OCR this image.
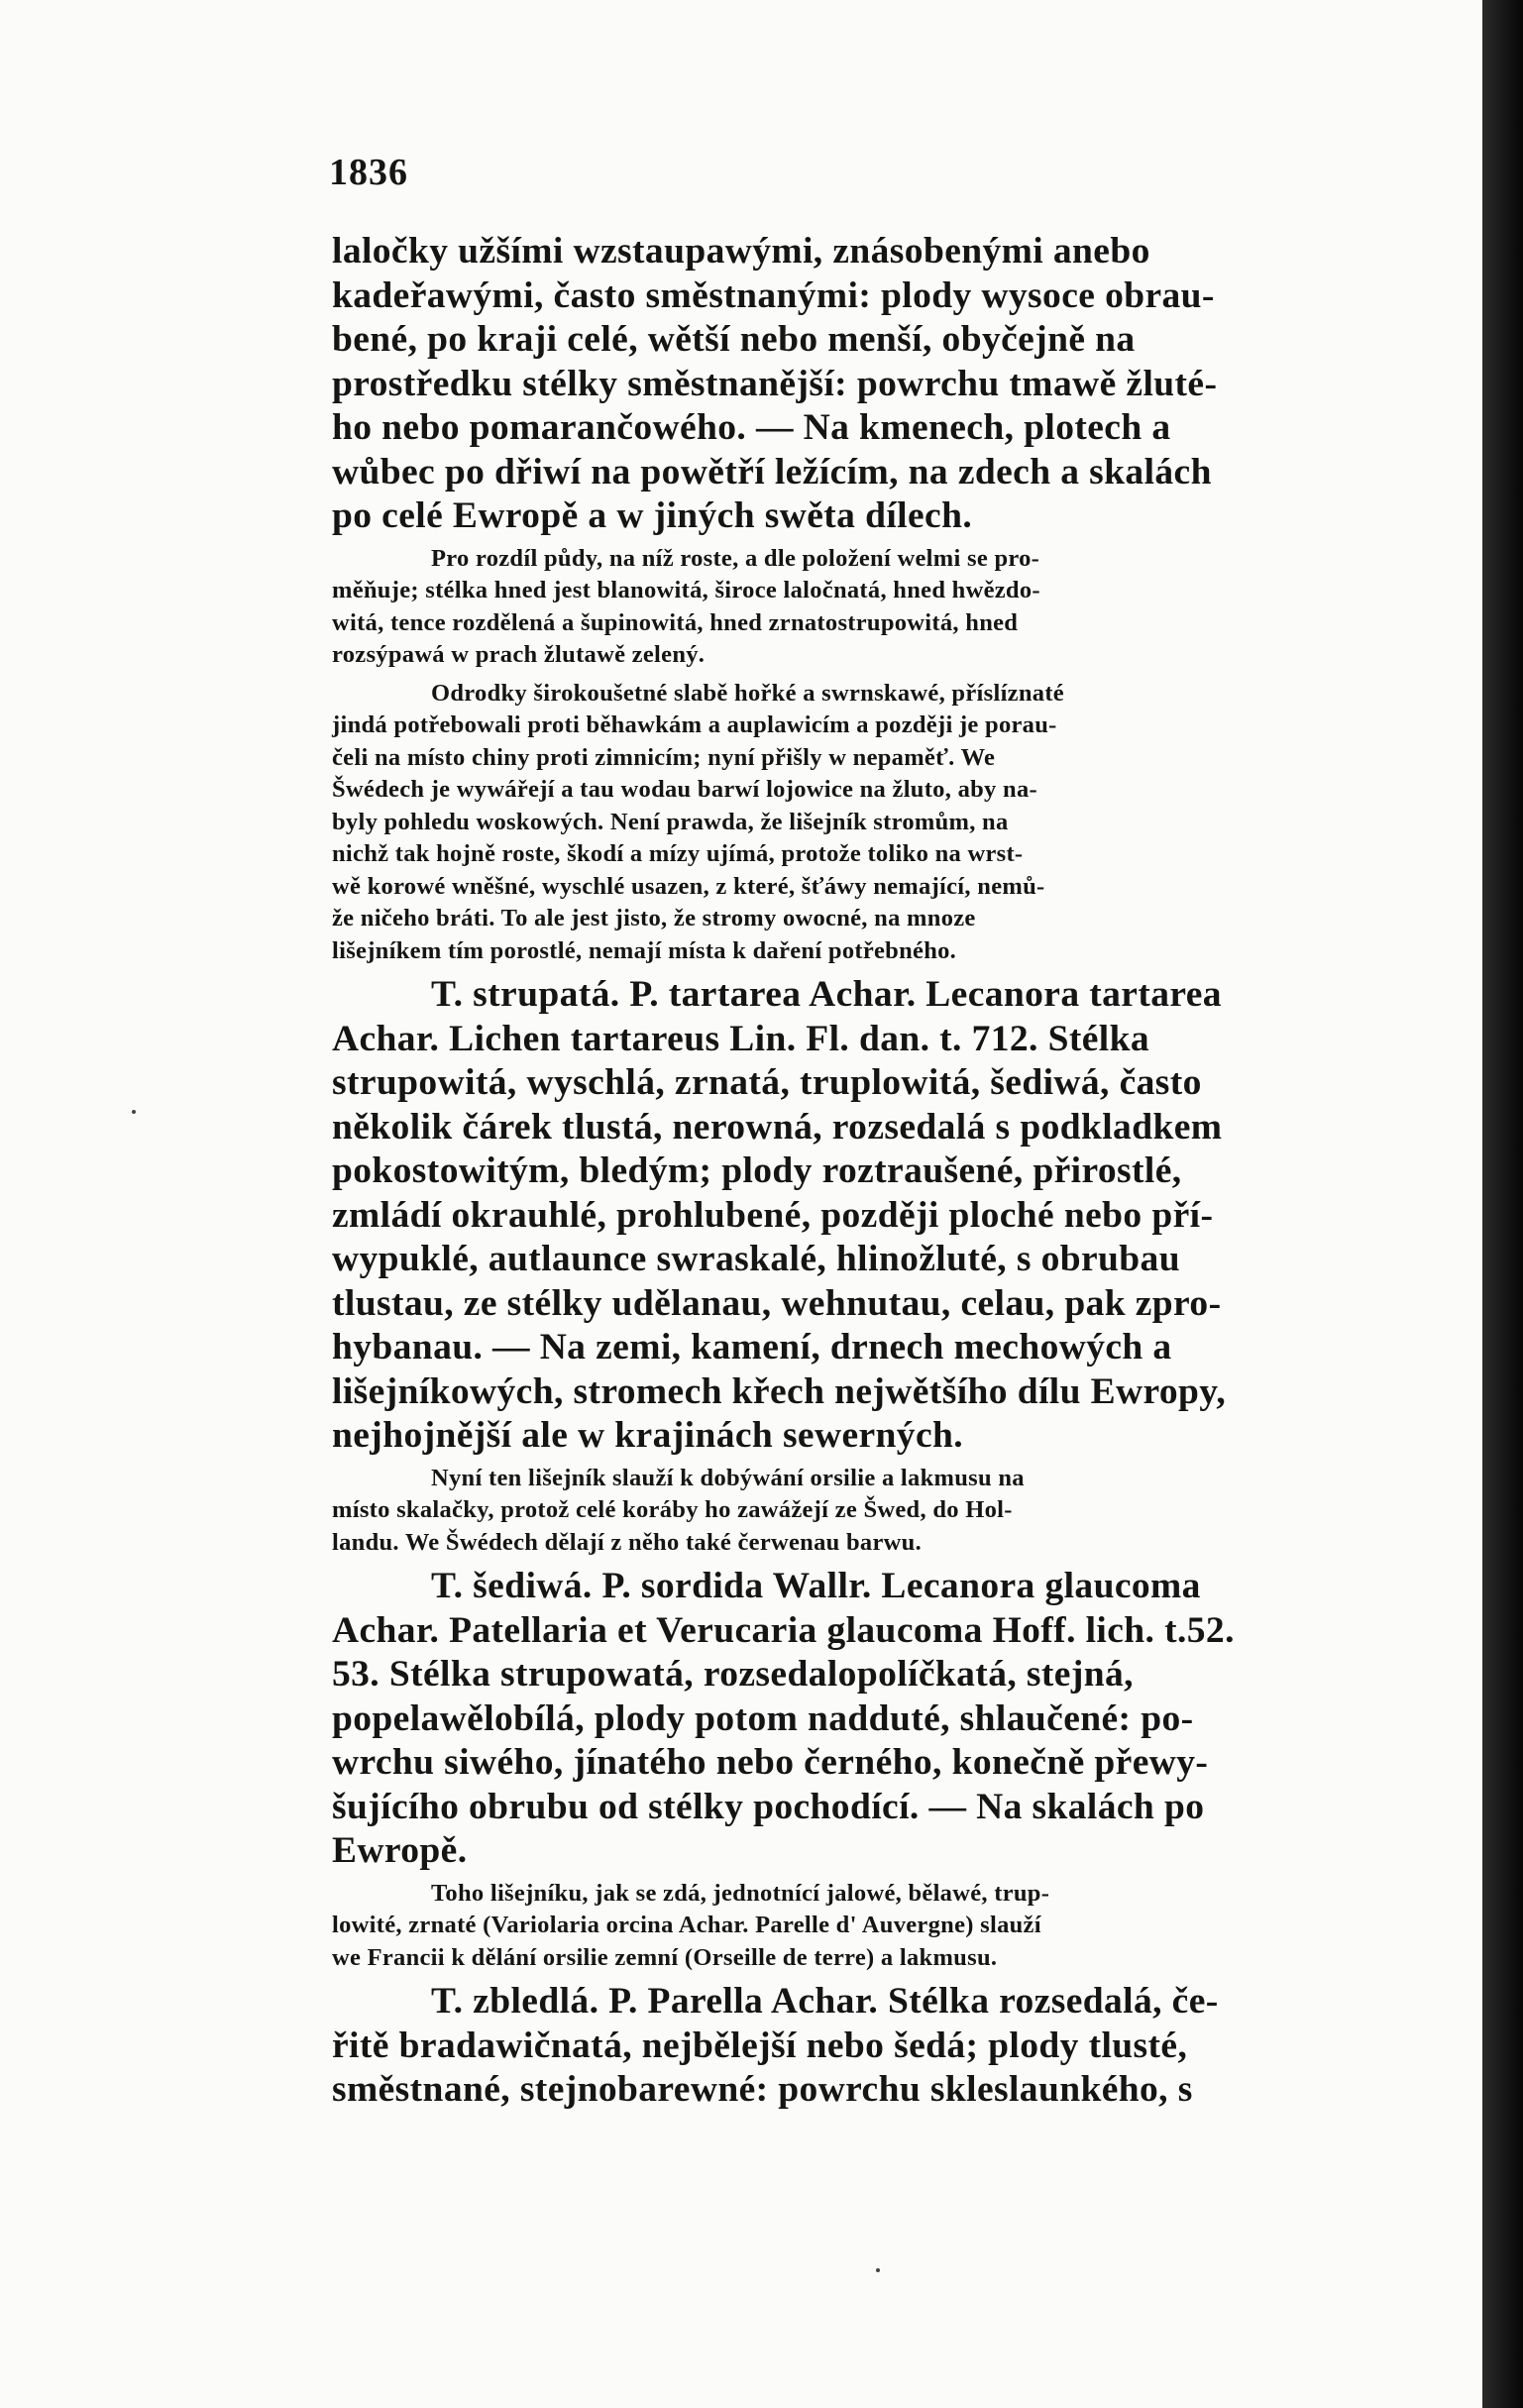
1836

laločky užšími wzstaupawými, znásobenými anebo
kadeřawými, často směstnanými: plody wysoce obrau-
bené, po kraji celé, wětší nebo menší, obyčejně na
prostředku stélky směstnanější: powrchu tmawě žluté-
ho nebo pomarančowého. — Na kmenech, plotech a
wůbec po dřiwí na powětří ležícím, na zdech a skalách
po celé Ewropě a w jiných swěta dílech.

Pro rozdíl půdy, na níž roste, a dle položení welmi se pro-
měňuje; stélka hned jest blanowitá, široce laločnatá, hned hwězdo-
witá, tence rozdělená a šupinowitá, hned zrnatostrupowitá, hned
rozsýpawá w prach žlutawě zelený.

Odrodky širokoušetné slabě hořké a swrnskawé, příslíznaté
jindá potřebowali proti běhawkám a auplawicím a později je porau-
čeli na místo chiny proti zimnicím; nyní přišly w nepaměť. We
Šwédech je wywářejí a tau wodau barwí lojowice na žluto, aby na-
byly pohledu woskowých. Není prawda, že lišejník stromům, na
nichž tak hojně roste, škodí a mízy ujímá, protože toliko na wrst-
wě korowé wněšné, wyschlé usazen, z které, šťáwy nemající, nemů-
že ničeho bráti. To ale jest jisto, že stromy owocné, na mnoze
lišejníkem tím porostlé, nemají místa k daření potřebného.

T. strupatá. P. tartarea Achar. Lecanora tartarea
Achar. Lichen tartareus Lin. Fl. dan. t. 712. Stélka
strupowitá, wyschlá, zrnatá, truplowitá, šediwá, často
několik čárek tlustá, nerowná, rozsedalá s podkladkem
pokostowitým, bledým; plody roztraušené, přirostlé,
zmládí okrauhlé, prohlubené, později ploché nebo pří-
wypuklé, autlaunce swraskalé, hlinožluté, s obrubau
tlustau, ze stélky udělanau, wehnutau, celau, pak zpro-
hybanau. — Na zemi, kamení, drnech mechowých a
lišejníkowých, stromech křech nejwětšího dílu Ewropy,
nejhojnější ale w krajinách sewerných.

Nyní ten lišejník slauží k dobýwání orsilie a lakmusu na
místo skalačky, protož celé koráby ho zawážejí ze Šwed, do Hol-
landu. We Šwédech dělají z něho také čerwenau barwu.

T. šediwá. P. sordida Wallr. Lecanora glaucoma
Achar. Patellaria et Verucaria glaucoma Hoff. lich. t.52.
53. Stélka strupowatá, rozsedalopolíčkatá, stejná,
popelawělobílá, plody potom nadduté, shlaučené: po-
wrchu siwého, jínatého nebo černého, konečně přewy-
šujícího obrubu od stélky pochodící. — Na skalách po
Ewropě.

Toho lišejníku, jak se zdá, jednotnící jalowé, bělawé, trup-
lowité, zrnaté (Variolaria orcina Achar. Parelle d' Auvergne) slauží
we Francii k dělání orsilie zemní (Orseille de terre) a lakmusu.

T. zbledlá. P. Parella Achar. Stélka rozsedalá, če-
řitě bradawičnatá, nejbělejší nebo šedá; plody tlusté,
směstnané, stejnobarewné: powrchu skleslaunkého, s
